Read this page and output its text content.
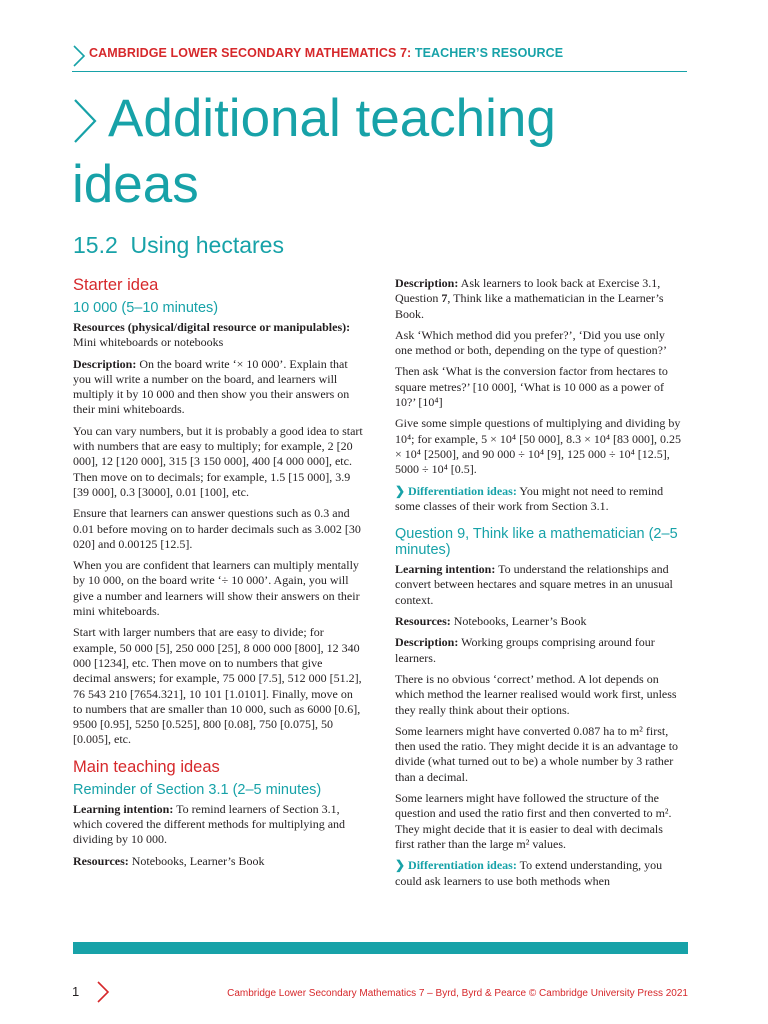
CAMBRIDGE LOWER SECONDARY MATHEMATICS 7: TEACHER’S RESOURCE
Additional teaching
ideas
15.2 Using hectares
Starter idea
10 000 (5–10 minutes)

Resources (physical/digital resource or manipulables): Mini whiteboards or notebooks

Description: On the board write ‘× 10 000’. Explain that you will write a number on the board, and learners will multiply it by 10 000 and then show you their answers on their mini whiteboards.

You can vary numbers, but it is probably a good idea to start with numbers that are easy to multiply; for example, 2 [20 000], 12 [120 000], 315 [3 150 000], 400 [4 000 000], etc. Then move on to decimals; for example, 1.5 [15 000], 3.9 [39 000], 0.3 [3000], 0.01 [100], etc.

Ensure that learners can answer questions such as 0.3 and 0.01 before moving on to harder decimals such as 3.002 [30 020] and 0.00125 [12.5].

When you are confident that learners can multiply mentally by 10 000, on the board write ‘÷ 10 000’. Again, you will give a number and learners will show their answers on their mini whiteboards.

Start with larger numbers that are easy to divide; for example, 50 000 [5], 250 000 [25], 8 000 000 [800], 12 340 000 [1234], etc. Then move on to numbers that give decimal answers; for example, 75 000 [7.5], 512 000 [51.2], 76 543 210 [7654.321], 10 101 [1.0101]. Finally, move on to numbers that are smaller than 10 000, such as 6000 [0.6], 9500 [0.95], 5250 [0.525], 800 [0.08], 750 [0.075], 50 [0.005], etc.

Main teaching ideas
Reminder of Section 3.1 (2–5 minutes)

Learning intention: To remind learners of Section 3.1, which covered the different methods for multiplying and dividing by 10 000.

Resources: Notebooks, Learner’s Book

Description: Ask learners to look back at Exercise 3.1, Question 7, Think like a mathematician in the Learner’s Book.

Ask ‘Which method did you prefer?’, ‘Did you use only one method or both, depending on the type of question?’

Then ask ‘What is the conversion factor from hectares to square metres?’ [10 000], ‘What is 10 000 as a power of 10?’ [10⁴]

Give some simple questions of multiplying and dividing by 10⁴; for example, 5 × 10⁴ [50 000], 8.3 × 10⁴ [83 000], 0.25 × 10⁴ [2500], and 90 000 ÷ 10⁴ [9], 125 000 ÷ 10⁴ [12.5], 5000 ÷ 10⁴ [0.5].

❯ Differentiation ideas: You might not need to remind some classes of their work from Section 3.1.

Question 9, Think like a mathematician (2–5 minutes)

Learning intention: To understand the relationships and convert between hectares and square metres in an unusual context.

Resources: Notebooks, Learner’s Book

Description: Working groups comprising around four learners.

There is no obvious ‘correct’ method. A lot depends on which method the learner realised would work first, unless they really think about their options.

Some learners might have converted 0.087 ha to m² first, then used the ratio. They might decide it is an advantage to divide (what turned out to be) a whole number by 3 rather than a decimal.

Some learners might have followed the structure of the question and used the ratio first and then converted to m². They might decide that it is easier to deal with decimals first rather than the large m² values.

❯ Differentiation ideas: To extend understanding, you could ask learners to use both methods when

1	Cambridge Lower Secondary Mathematics 7 – Byrd, Byrd & Pearce © Cambridge University Press 2021
